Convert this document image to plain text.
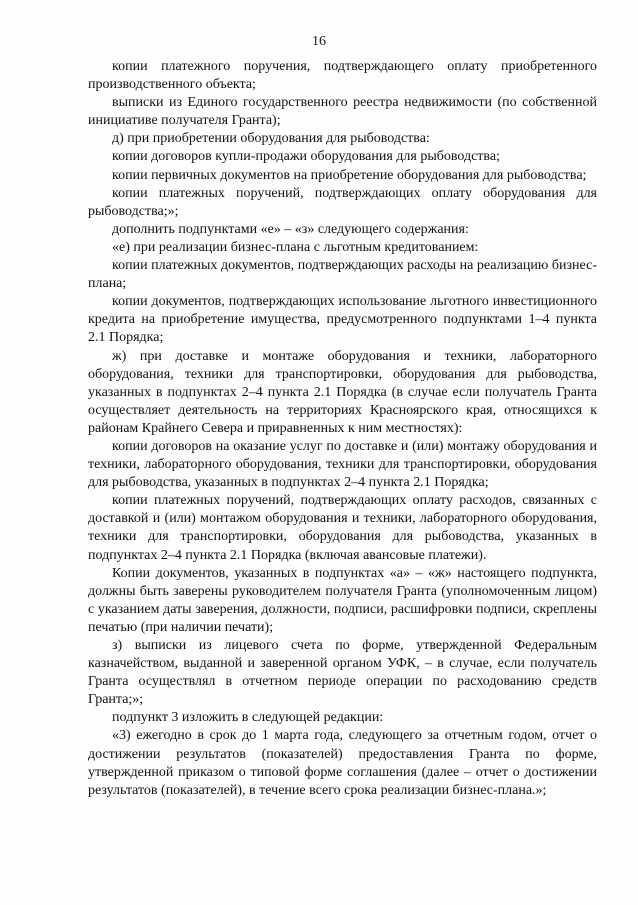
16

копии платежного поручения, подтверждающего оплату приобретенного производственного объекта;

выписки из Единого государственного реестра недвижимости (по собственной инициативе получателя Гранта);

д) при приобретении оборудования для рыбоводства:

копии договоров купли-продажи оборудования для рыбоводства;

копии первичных документов на приобретение оборудования для рыбоводства;

копии платежных поручений, подтверждающих оплату оборудования для рыбоводства;»;

дополнить подпунктами «е» – «з» следующего содержания:

«е) при реализации бизнес-плана с льготным кредитованием:

копии платежных документов, подтверждающих расходы на реализацию бизнес-плана;

копии документов, подтверждающих использование льготного инвестиционного кредита на приобретение имущества, предусмотренного подпунктами 1–4 пункта 2.1 Порядка;

ж) при доставке и монтаже оборудования и техники, лабораторного оборудования, техники для транспортировки, оборудования для рыбоводства, указанных в подпунктах 2–4 пункта 2.1 Порядка (в случае если получатель Гранта осуществляет деятельность на территориях Красноярского края, относящихся к районам Крайнего Севера и приравненных к ним местностях):

копии договоров на оказание услуг по доставке и (или) монтажу оборудования и техники, лабораторного оборудования, техники для транспортировки, оборудования для рыбоводства, указанных в подпунктах 2–4 пункта 2.1 Порядка;

копии платежных поручений, подтверждающих оплату расходов, связанных с доставкой и (или) монтажом оборудования и техники, лабораторного оборудования, техники для транспортировки, оборудования для рыбоводства, указанных в подпунктах 2–4 пункта 2.1 Порядка (включая авансовые платежи).

Копии документов, указанных в подпунктах «а» – «ж» настоящего подпункта, должны быть заверены руководителем получателя Гранта (уполномоченным лицом) с указанием даты заверения, должности, подписи, расшифровки подписи, скреплены печатью (при наличии печати);

з) выписки из лицевого счета по форме, утвержденной Федеральным казначейством, выданной и заверенной органом УФК, – в случае, если получатель Гранта осуществлял в отчетном периоде операции по расходованию средств Гранта;»;

подпункт 3 изложить в следующей редакции:

«3) ежегодно в срок до 1 марта года, следующего за отчетным годом, отчет о достижении результатов (показателей) предоставления Гранта по форме, утвержденной приказом о типовой форме соглашения (далее – отчет о достижении результатов (показателей), в течение всего срока реализации бизнес-плана.»;
